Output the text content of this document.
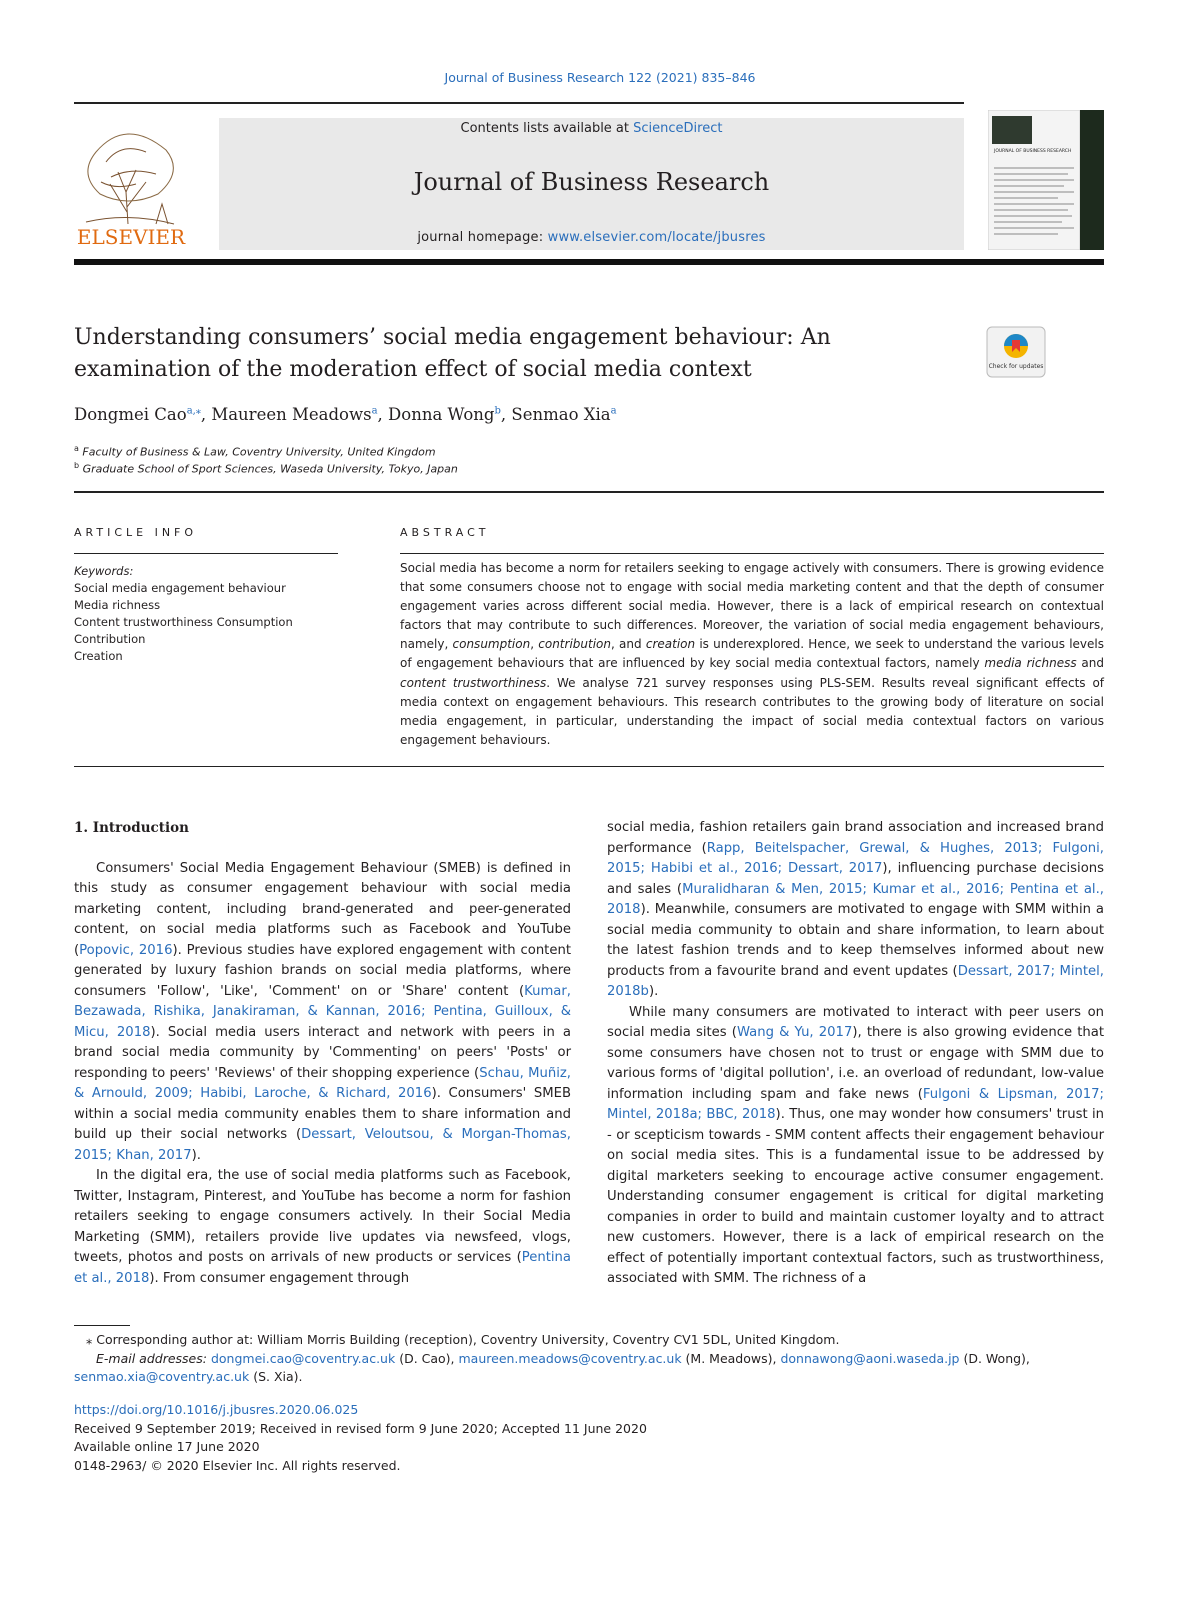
Journal of Business Research 122 (2021) 835–846
ELSEVIER
Contents lists available at ScienceDirect
Journal of Business Research
journal homepage: www.elsevier.com/locate/jbusres
JOURNAL OF BUSINESS RESEARCH
Understanding consumers’ social media engagement behaviour: An
examination of the moderation effect of social media context	Check for updates
Dongmei Cao$^{a,⁎}$, Maureen Meadows$^a$, Donna Wong$^b$, Senmao Xia$^a$
$^a$ Faculty of Business & Law, Coventry University, United Kingdom
$^b$ Graduate School of Sport Sciences, Waseda University, Tokyo, Japan
ARTICLE INFO
Keywords:
Social media engagement behaviour
Media richness
Content trustworthiness Consumption
Contribution
Creation
ABSTRACT
Social media has become a norm for retailers seeking to engage actively with consumers. There is growing evidence that some consumers choose not to engage with social media marketing content and that the depth of consumer engagement varies across different social media. However, there is a lack of empirical research on contextual factors that may contribute to such differences. Moreover, the variation of social media engagement behaviours, namely, consumption, contribution, and creation is underexplored. Hence, we seek to understand the various levels of engagement behaviours that are influenced by key social media contextual factors, namely media richness and content trustworthiness. We analyse 721 survey responses using PLS-SEM. Results reveal significant effects of media context on engagement behaviours. This research contributes to the growing body of literature on social media engagement, in particular, understanding the impact of social media contextual factors on various engagement behaviours.
1. Introduction

Consumers' Social Media Engagement Behaviour (SMEB) is defined in this study as consumer engagement behaviour with social media marketing content, including brand-generated and peer-generated content, on social media platforms such as Facebook and YouTube (Popovic, 2016). Previous studies have explored engagement with content generated by luxury fashion brands on social media platforms, where consumers 'Follow', 'Like', 'Comment' on or 'Share' content (Kumar, Bezawada, Rishika, Janakiraman, & Kannan, 2016; Pentina, Guilloux, & Micu, 2018). Social media users interact and network with peers in a brand social media community by 'Commenting' on peers' 'Posts' or responding to peers' 'Reviews' of their shopping experience (Schau, Muñiz, & Arnould, 2009; Habibi, Laroche, & Richard, 2016). Consumers' SMEB within a social media community enables them to share information and build up their social networks (Dessart, Veloutsou, & Morgan-Thomas, 2015; Khan, 2017).

In the digital era, the use of social media platforms such as Facebook, Twitter, Instagram, Pinterest, and YouTube has become a norm for fashion retailers seeking to engage consumers actively. In their Social Media Marketing (SMM), retailers provide live updates via newsfeed, vlogs, tweets, photos and posts on arrivals of new products or services (Pentina et al., 2018). From consumer engagement through

social media, fashion retailers gain brand association and increased brand performance (Rapp, Beitelspacher, Grewal, & Hughes, 2013; Fulgoni, 2015; Habibi et al., 2016; Dessart, 2017), influencing purchase decisions and sales (Muralidharan & Men, 2015; Kumar et al., 2016; Pentina et al., 2018). Meanwhile, consumers are motivated to engage with SMM within a social media community to obtain and share information, to learn about the latest fashion trends and to keep themselves informed about new products from a favourite brand and event updates (Dessart, 2017; Mintel, 2018b).

While many consumers are motivated to interact with peer users on social media sites (Wang & Yu, 2017), there is also growing evidence that some consumers have chosen not to trust or engage with SMM due to various forms of 'digital pollution', i.e. an overload of redundant, low-value information including spam and fake news (Fulgoni & Lipsman, 2017; Mintel, 2018a; BBC, 2018). Thus, one may wonder how consumers' trust in - or scepticism towards - SMM content affects their engagement behaviour on social media sites. This is a fundamental issue to be addressed by digital marketers seeking to encourage active consumer engagement. Understanding consumer engagement is critical for digital marketing companies in order to build and maintain customer loyalty and to attract new customers. However, there is a lack of empirical research on the effect of potentially important contextual factors, such as trustworthiness, associated with SMM. The richness of a

⁎ Corresponding author at: William Morris Building (reception), Coventry University, Coventry CV1 5DL, United Kingdom.
E-mail addresses: dongmei.cao@coventry.ac.uk (D. Cao), maureen.meadows@coventry.ac.uk (M. Meadows), donnawong@aoni.waseda.jp (D. Wong),
senmao.xia@coventry.ac.uk (S. Xia).
https://doi.org/10.1016/j.jbusres.2020.06.025
Received 9 September 2019; Received in revised form 9 June 2020; Accepted 11 June 2020
Available online 17 June 2020
0148-2963/ © 2020 Elsevier Inc. All rights reserved.
